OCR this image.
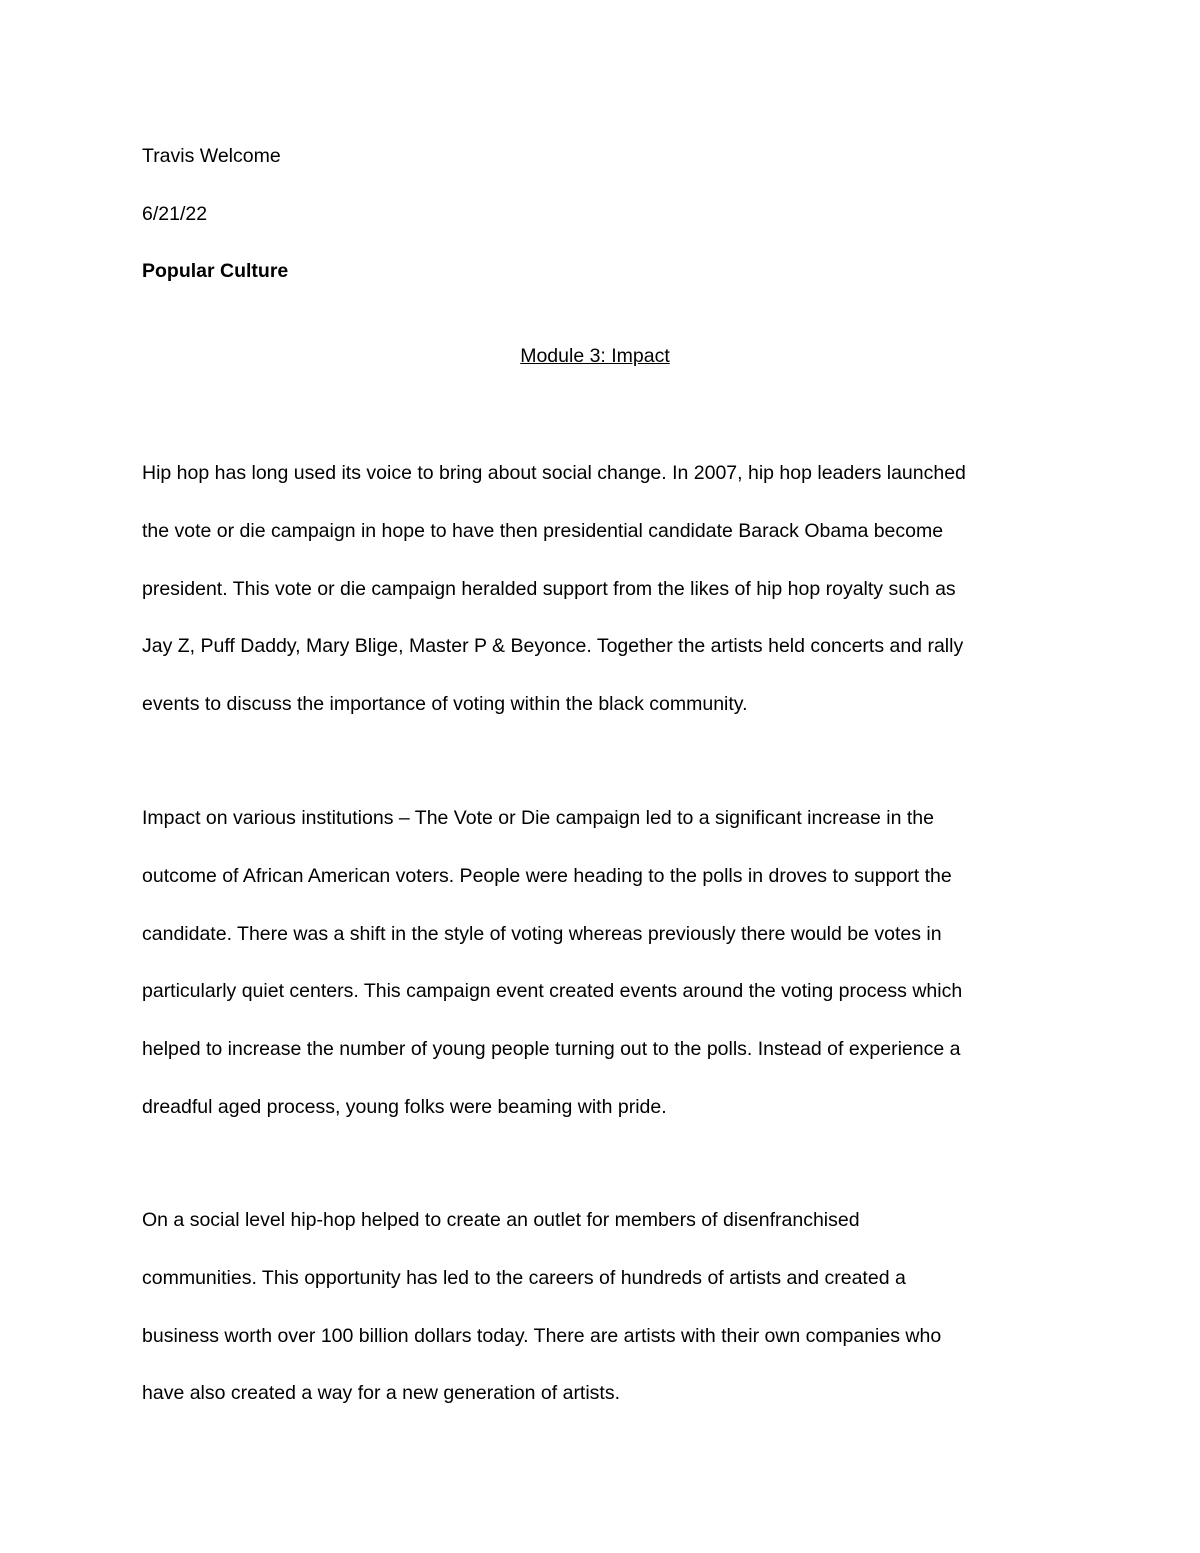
Travis Welcome

6/21/22

Popular Culture

Module 3: Impact

Hip hop has long used its voice to bring about social change. In 2007, hip hop leaders launched
the vote or die campaign in hope to have then presidential candidate Barack Obama become
president. This vote or die campaign heralded support from the likes of hip hop royalty such as
Jay Z, Puff Daddy, Mary Blige, Master P & Beyonce. Together the artists held concerts and rally
events to discuss the importance of voting within the black community.
Impact on various institutions – The Vote or Die campaign led to a significant increase in the
outcome of African American voters. People were heading to the polls in droves to support the
candidate. There was a shift in the style of voting whereas previously there would be votes in
particularly quiet centers. This campaign event created events around the voting process which
helped to increase the number of young people turning out to the polls. Instead of experience a
dreadful aged process, young folks were beaming with pride.
On a social level hip-hop helped to create an outlet for members of disenfranchised
communities. This opportunity has led to the careers of hundreds of artists and created a
business worth over 100 billion dollars today. There are artists with their own companies who
have also created a way for a new generation of artists.
